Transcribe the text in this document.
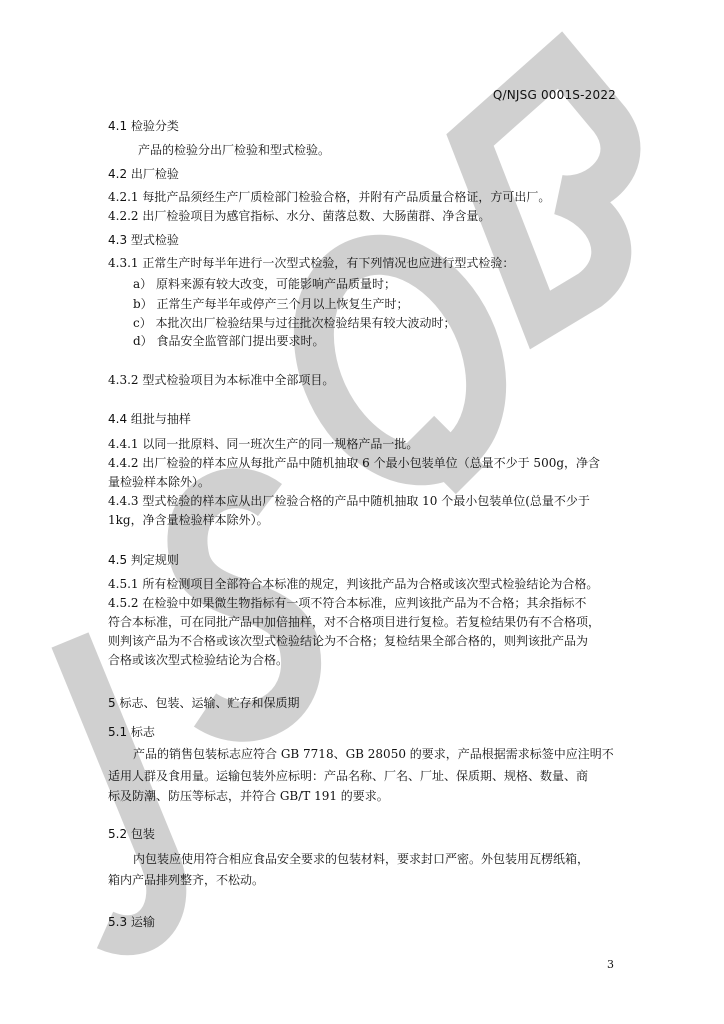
Q/NJSG 0001S-2022
4.1 检验分类
产品的检验分出厂检验和型式检验。
4.2 出厂检验
4.2.1 每批产品须经生产厂质检部门检验合格，并附有产品质量合格证，方可出厂。
4.2.2 出厂检验项目为感官指标、水分、菌落总数、大肠菌群、净含量。
4.3 型式检验
4.3.1 正常生产时每半年进行一次型式检验，有下列情况也应进行型式检验：
a） 原料来源有较大改变，可能影响产品质量时；
b） 正常生产每半年或停产三个月以上恢复生产时；
c） 本批次出厂检验结果与过往批次检验结果有较大波动时；
d） 食品安全监管部门提出要求时。
4.3.2 型式检验项目为本标准中全部项目。
4.4 组批与抽样
4.4.1 以同一批原料、同一班次生产的同一规格产品一批。
4.4.2 出厂检验的样本应从每批产品中随机抽取 6 个最小包装单位（总量不少于 500g，净含
量检验样本除外）。
4.4.3 型式检验的样本应从出厂检验合格的产品中随机抽取 10 个最小包装单位(总量不少于
1kg，净含量检验样本除外）。
4.5 判定规则
4.5.1 所有检测项目全部符合本标准的规定，判该批产品为合格或该次型式检验结论为合格。
4.5.2 在检验中如果微生物指标有一项不符合本标准，应判该批产品为不合格；其余指标不
符合本标准，可在同批产品中加倍抽样，对不合格项目进行复检。若复检结果仍有不合格项，
则判该产品为不合格或该次型式检验结论为不合格；复检结果全部合格的，则判该批产品为
合格或该次型式检验结论为合格。
5 标志、包装、运输、贮存和保质期
5.1 标志
产品的销售包装标志应符合 GB 7718、GB 28050 的要求，产品根据需求标签中应注明不
适用人群及食用量。运输包装外应标明：产品名称、厂名、厂址、保质期、规格、数量、商
标及防潮、防压等标志，并符合 GB/T 191 的要求。
5.2 包装
内包装应使用符合相应食品安全要求的包装材料，要求封口严密。外包装用瓦楞纸箱，
箱内产品排列整齐，不松动。
5.3 运输
3
